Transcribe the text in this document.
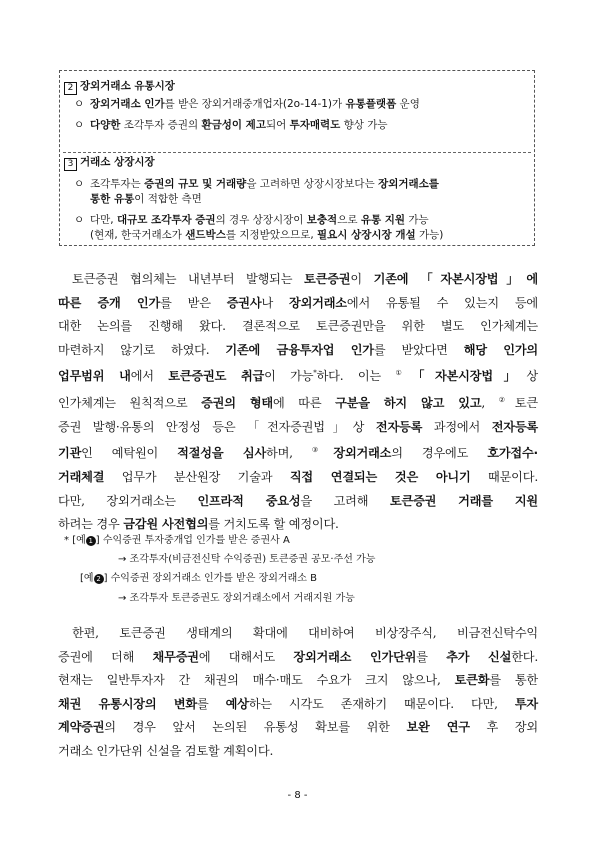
2 장외거래소 유통시장
ㅇ 장외거래소 인가를 받은 장외거래중개업자(2o-14-1)가 유통플랫폼 운영
ㅇ 다양한 조각투자 증권의 환금성이 제고되어 투자매력도 향상 가능
3 거래소 상장시장
ㅇ 조각투자는 증권의 규모 및 거래량을 고려하면 상장시장보다는 장외거래소를
통한 유통이 적합한 측면
ㅇ 다만, 대규모 조각투자 증권의 경우 상장시장이 보충적으로 유통 지원 가능
(현재, 한국거래소가 샌드박스를 지정받았으므로, 필요시 상장시장 개설 가능)
토큰증권 협의체는 내년부터 발행되는 토큰증권이 기존에 「자본시장법」에
따른 증개 인가를 받은 증권사나 장외거래소에서 유통될 수 있는지 등에
대한 논의를 진행해 왔다. 결론적으로 토큰증권만을 위한 별도 인가체계는
마련하지 않기로 하였다. 기존에 금융투자업 인가를 받았다면 해당 인가의
업무범위 내에서 토큰증권도 취급이 가능*하다. 이는 ①「자본시장법」상
인가체계는 원칙적으로 증권의 형태에 따른 구분을 하지 않고 있고, ②토큰
증권 발행·유통의 안정성 등은 「전자증권법」상 전자등록 과정에서 전자등록
기관인 예탁원이 적절성을 심사하며, ③장외거래소의 경우에도 호가접수·
거래체결 업무가 분산원장 기술과 직접 연결되는 것은 아니기 때문이다.
다만, 장외거래소는 인프라적 중요성을 고려해 토큰증권 거래를 지원
하려는 경우 금감원 사전협의를 거치도록 할 예정이다.
* [예 1 ] 수익증권 투자중개업 인가를 받은 증권사 A
→ 조각투자(비금전신탁 수익증권) 토큰증권 공모·주선 가능
[예 2 ] 수익증권 장외거래소 인가를 받은 장외거래소 B
→ 조각투자 토큰증권도 장외거래소에서 거래지원 가능
한편, 토큰증권 생태계의 확대에 대비하여 비상장주식, 비금전신탁수익
증권에 더해 채무증권에 대해서도 장외거래소 인가단위를 추가 신설한다.
현재는 일반투자자 간 채권의 매수·매도 수요가 크지 않으나, 토큰화를 통한
채권 유통시장의 변화를 예상하는 시각도 존재하기 때문이다. 다만, 투자
계약증권의 경우 앞서 논의된 유통성 확보를 위한 보완 연구 후 장외
거래소 인가단위 신설을 검토할 계획이다.
- 8 -
